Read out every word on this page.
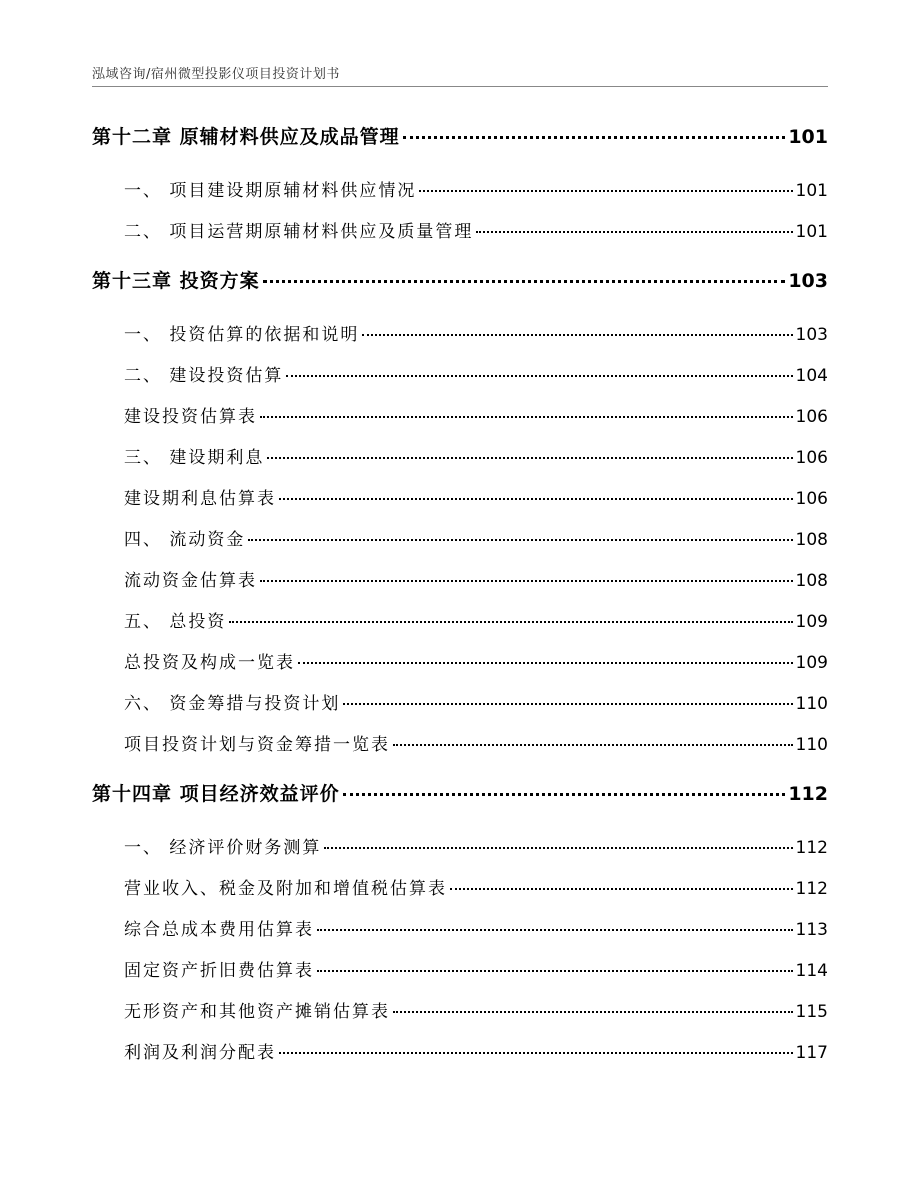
泓域咨询/宿州微型投影仪项目投资计划书
第十二章 原辅材料供应及成品管理	101
一、 项目建设期原辅材料供应情况	101
二、 项目运营期原辅材料供应及质量管理	101
第十三章 投资方案	103
一、 投资估算的依据和说明	103
二、 建设投资估算	104
建设投资估算表	106
三、 建设期利息	106
建设期利息估算表	106
四、 流动资金	108
流动资金估算表	108
五、 总投资	109
总投资及构成一览表	109
六、 资金筹措与投资计划	110
项目投资计划与资金筹措一览表	110
第十四章 项目经济效益评价	112
一、 经济评价财务测算	112
营业收入、税金及附加和增值税估算表	112
综合总成本费用估算表	113
固定资产折旧费估算表	114
无形资产和其他资产摊销估算表	115
利润及利润分配表	117
